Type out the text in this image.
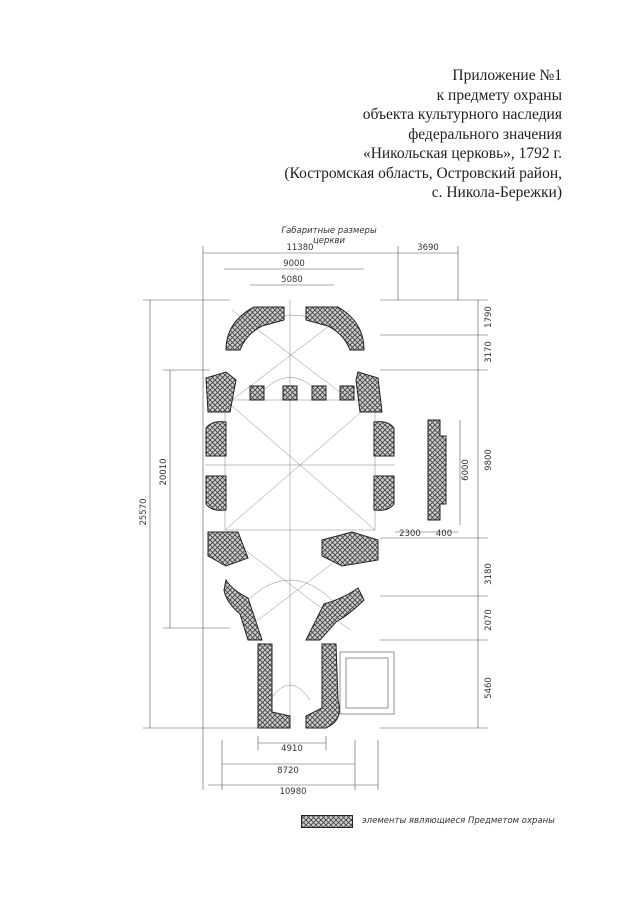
Приложение №1
к предмету охраны
объекта культурного наследия
федерального значения
«Никольская церковь», 1792 г.
(Костромская область, Островский район,
с. Никола-Бережки)
Габаритные размеры церкви
11380	3690
9000
5080
1790
3170
9800
6000
2300 400
3180
2070
5460
25570
20010
4910
8720
10980
элементы являющиеся Предметом охраны
